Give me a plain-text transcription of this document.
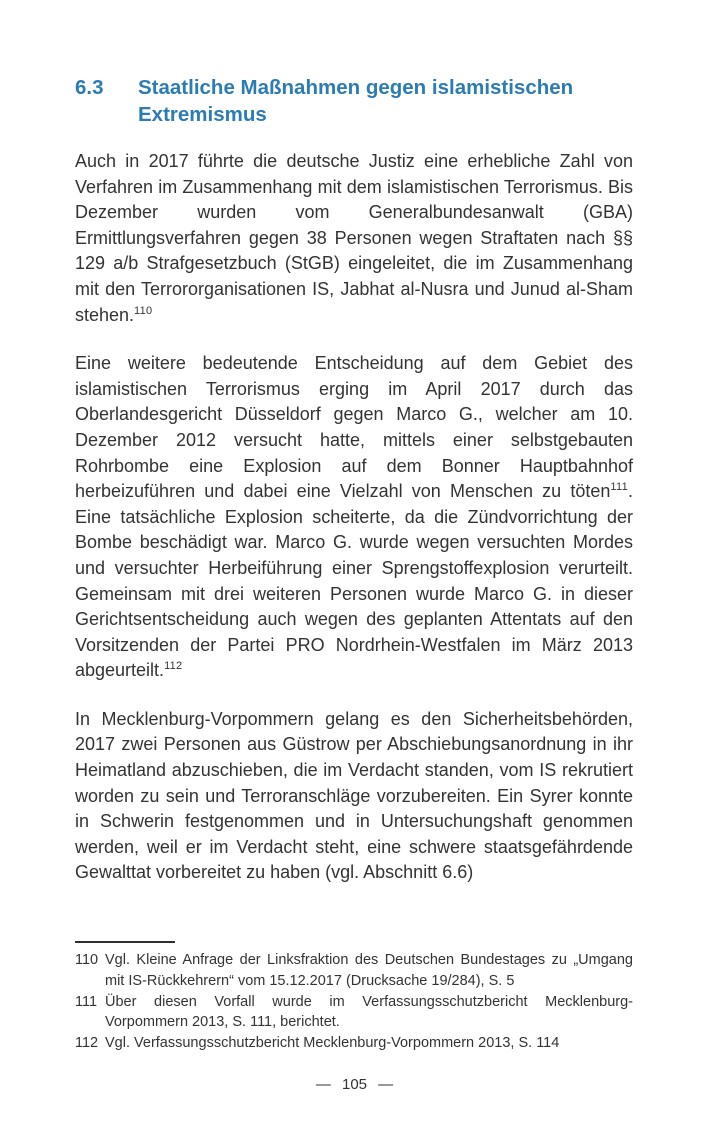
6.3	Staatliche Maßnahmen gegen islamistischen Extremismus

Auch in 2017 führte die deutsche Justiz eine erhebliche Zahl von Verfahren im Zusammenhang mit dem islamistischen Terrorismus. Bis Dezember wurden vom Generalbundesanwalt (GBA) Ermittlungsverfahren gegen 38 Personen wegen Straftaten nach §§ 129 a/b Strafgesetzbuch (StGB) eingeleitet, die im Zusammenhang mit den Terrororganisationen IS, Jabhat al-Nusra und Junud al-Sham stehen.$^{110}$

Eine weitere bedeutende Entscheidung auf dem Gebiet des islamistischen Terrorismus erging im April 2017 durch das Oberlandesgericht Düsseldorf gegen Marco G., welcher am 10. Dezember 2012 versucht hatte, mittels einer selbstgebauten Rohrbombe eine Explosion auf dem Bonner Hauptbahnhof herbeizuführen und dabei eine Vielzahl von Menschen zu töten$^{111}$. Eine tatsächliche Explosion scheiterte, da die Zündvorrichtung der Bombe beschädigt war. Marco G. wurde wegen versuchten Mordes und versuchter Herbeiführung einer Sprengstoffexplosion verurteilt. Gemeinsam mit drei weiteren Personen wurde Marco G. in dieser Gerichtsentscheidung auch wegen des geplanten Attentats auf den Vorsitzenden der Partei PRO Nordrhein-Westfalen im März 2013 abgeurteilt.$^{112}$

In Mecklenburg-Vorpommern gelang es den Sicherheitsbehörden, 2017 zwei Personen aus Güstrow per Abschiebungsanordnung in ihr Heimatland abzuschieben, die im Verdacht standen, vom IS rekrutiert worden zu sein und Terroranschläge vorzubereiten. Ein Syrer konnte in Schwerin festgenommen und in Untersuchungshaft genommen werden, weil er im Verdacht steht, eine schwere staatsgefährdende Gewalttat vorbereitet zu haben (vgl. Abschnitt 6.6)

110 Vgl. Kleine Anfrage der Linksfraktion des Deutschen Bundestages zu „Umgang mit IS-Rückkehrern“ vom 15.12.2017 (Drucksache 19/284), S. 5
111 Über diesen Vorfall wurde im Verfassungsschutzbericht Mecklenburg-Vorpommern 2013, S. 111, berichtet.
112 Vgl. Verfassungsschutzbericht Mecklenburg-Vorpommern 2013, S. 114
— 105 —
